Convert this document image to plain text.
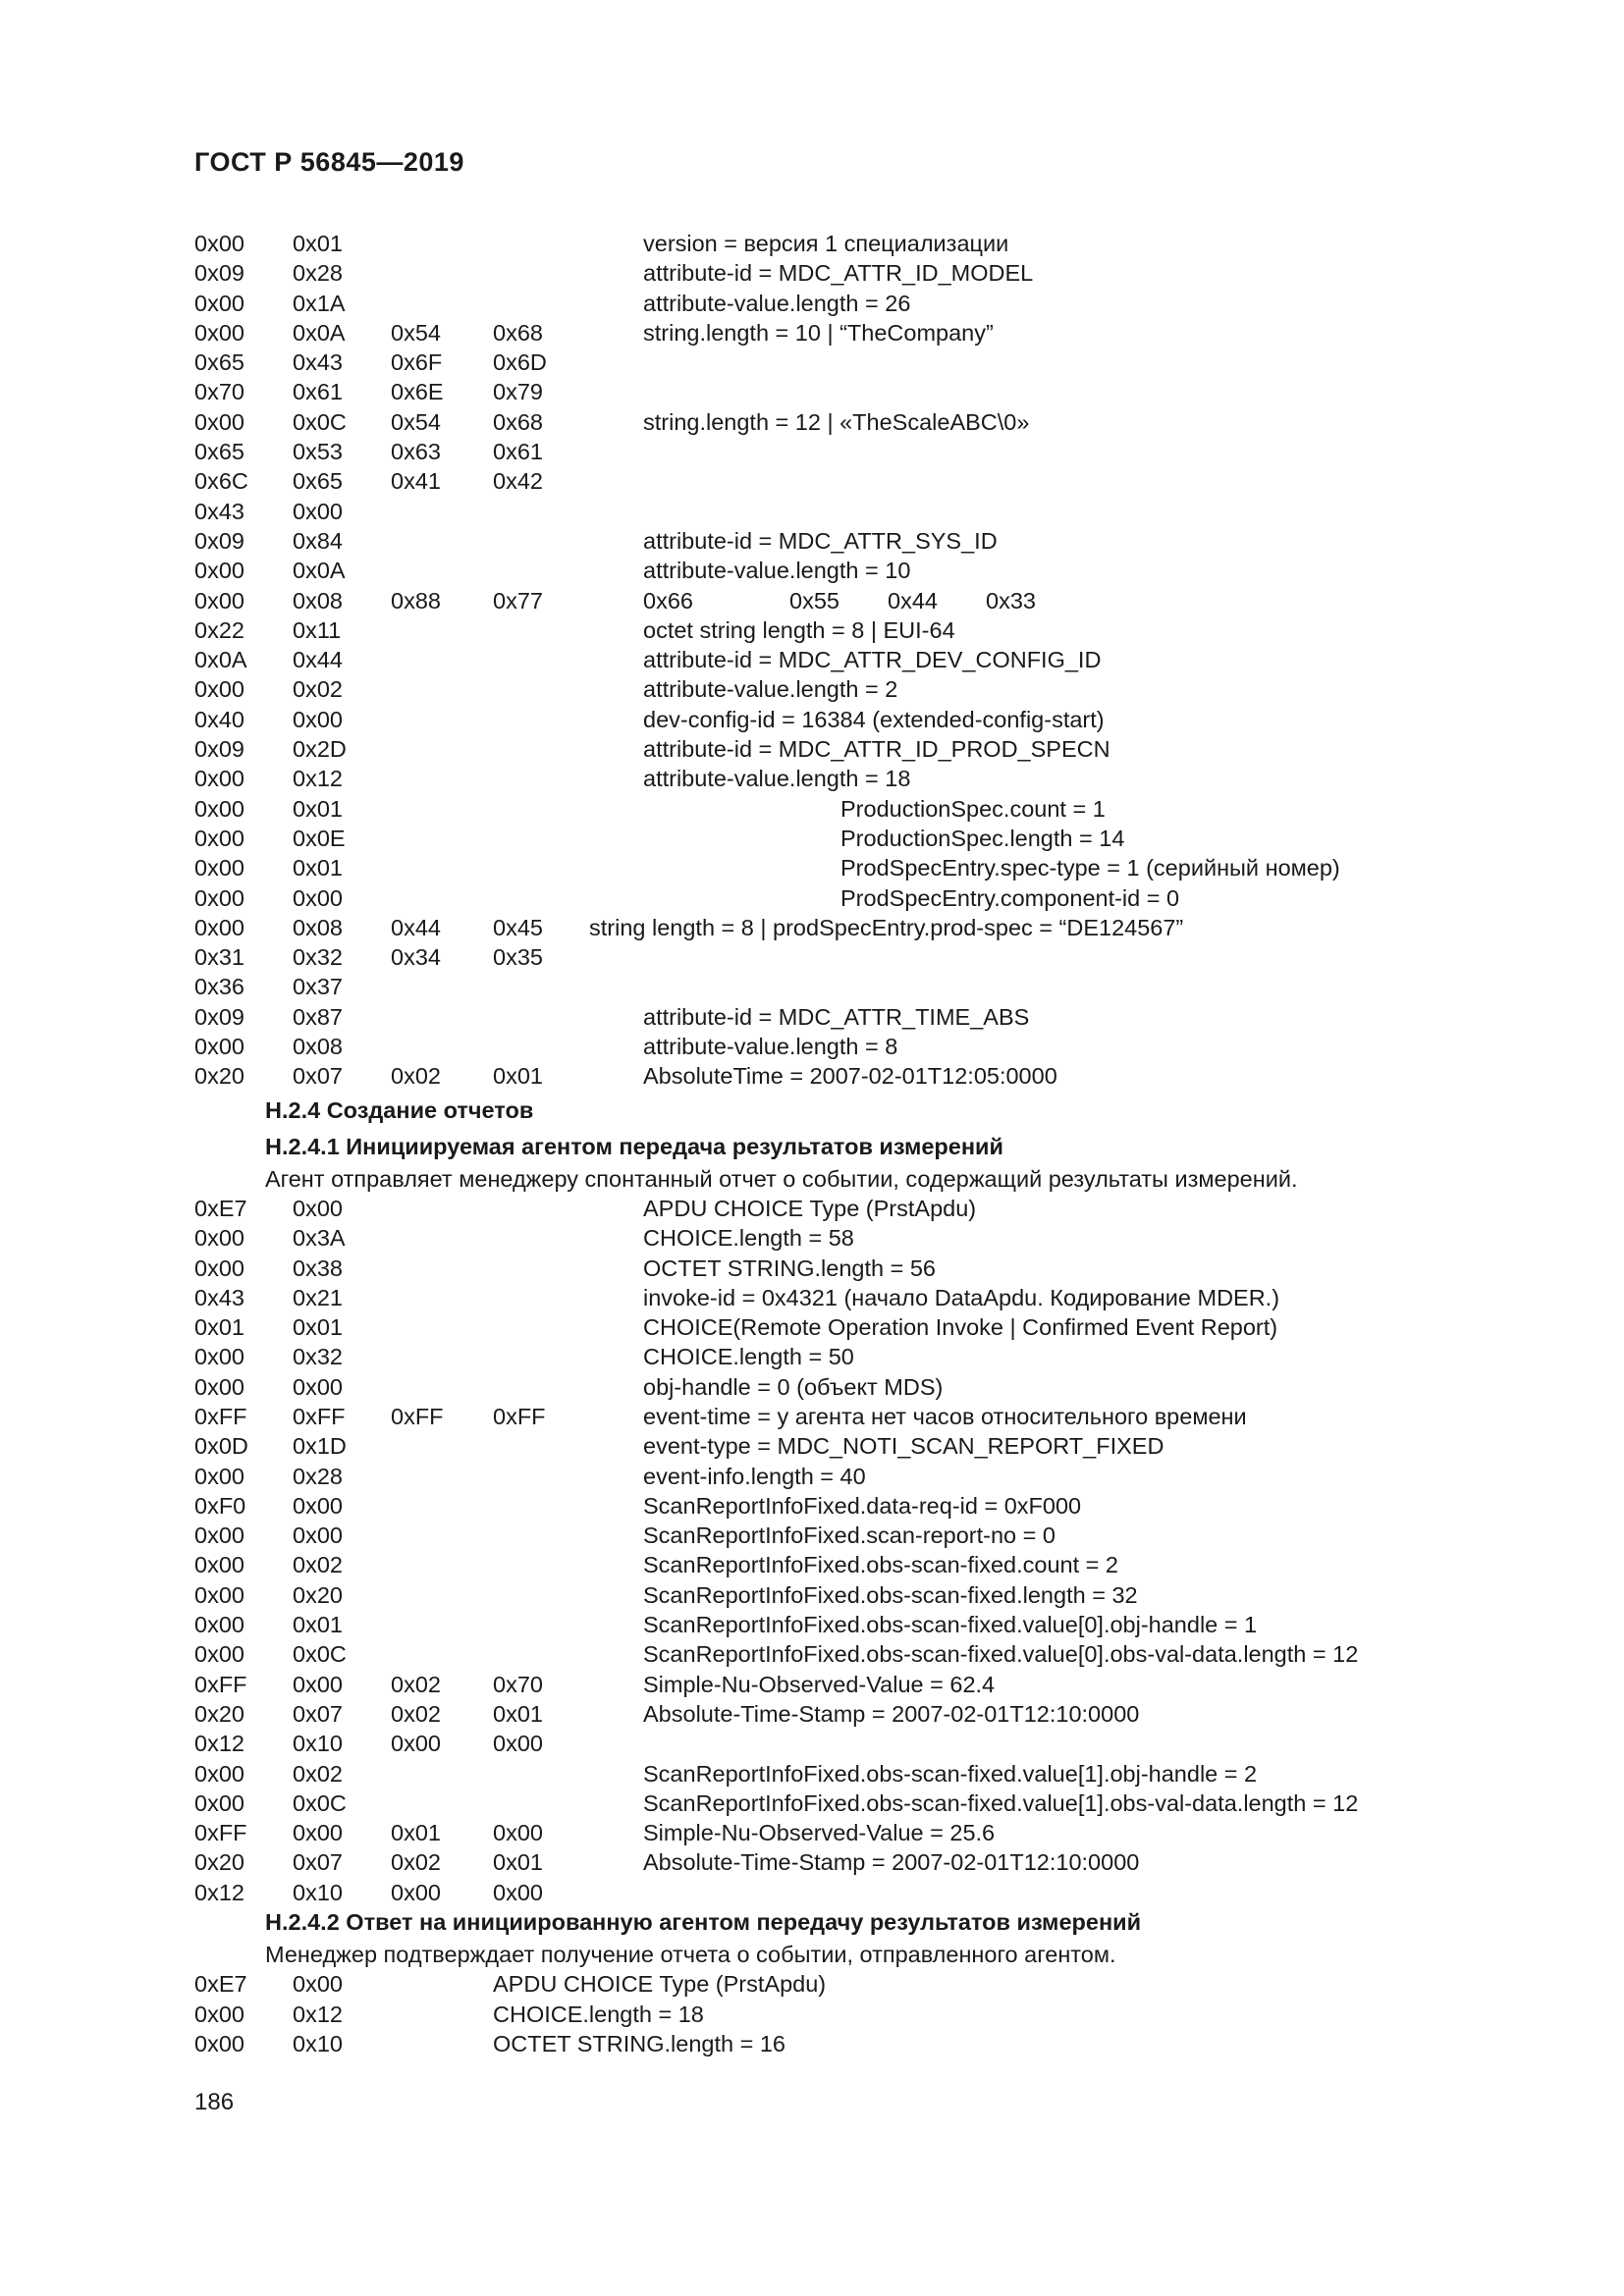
ГОСТ Р 56845—2019
0x00 0x01	version = версия 1 специализации
0x09 0x28	attribute-id = MDC_ATTR_ID_MODEL
0x00 0x1A	attribute-value.length = 26
0x00 0x0A 0x54 0x68	string.length = 10 | “TheCompany”
0x65 0x43 0x6F 0x6D
0x70 0x61 0x6E 0x79
0x00 0x0C 0x54 0x68	string.length = 12 | «TheScaleABC\0»
0x65 0x53 0x63 0x61
0x6C 0x65 0x41 0x42
0x43 0x00
0x09 0x84	attribute-id = MDC_ATTR_SYS_ID
0x00 0x0A	attribute-value.length = 10
0x00 0x08 0x88 0x77	0x66	0x55 0x44 0x33
0x22 0x11	octet string length = 8 | EUI-64
0x0A 0x44	attribute-id = MDC_ATTR_DEV_CONFIG_ID
0x00 0x02	attribute-value.length = 2
0x40 0x00	dev-config-id = 16384 (extended-config-start)
0x09 0x2D	attribute-id = MDC_ATTR_ID_PROD_SPECN
0x00 0x12	attribute-value.length = 18
0x00 0x01	ProductionSpec.count = 1
0x00 0x0E	ProductionSpec.length = 14
0x00 0x01	ProdSpecEntry.spec-type = 1 (серийный номер)
0x00 0x00	ProdSpecEntry.component-id = 0
0x00 0x08 0x44 0x45 string length = 8 | prodSpecEntry.prod-spec = “DE124567”
0x31 0x32 0x34 0x35
0x36 0x37
0x09 0x87	attribute-id = MDC_ATTR_TIME_ABS
0x00 0x08	attribute-value.length = 8
0x20 0x07 0x02 0x01	AbsoluteTime = 2007-02-01T12:05:0000
H.2.4 Создание отчетов
H.2.4.1 Инициируемая агентом передача результатов измерений
Агент отправляет менеджеру спонтанный отчет о событии, содержащий результаты измерений.
0xE7 0x00	APDU CHOICE Type (PrstApdu)
0x00 0x3A	CHOICE.length = 58
0x00 0x38	OCTET STRING.length = 56
0x43 0x21	invoke-id = 0x4321 (начало DataApdu. Кодирование MDER.)
0x01 0x01	CHOICE(Remote Operation Invoke | Confirmed Event Report)
0x00 0x32	CHOICE.length = 50
0x00 0x00	obj-handle = 0 (объект MDS)
0xFF 0xFF 0xFF 0xFF	event-time = у агента нет часов относительного времени
0x0D 0x1D	event-type = MDC_NOTI_SCAN_REPORT_FIXED
0x00 0x28	event-info.length = 40
0xF0 0x00	ScanReportInfoFixed.data-req-id = 0xF000
0x00 0x00	ScanReportInfoFixed.scan-report-no = 0
0x00 0x02	ScanReportInfoFixed.obs-scan-fixed.count = 2
0x00 0x20	ScanReportInfoFixed.obs-scan-fixed.length = 32
0x00 0x01	ScanReportInfoFixed.obs-scan-fixed.value[0].obj-handle = 1
0x00 0x0C	ScanReportInfoFixed.obs-scan-fixed.value[0].obs-val-data.length = 12
0xFF 0x00 0x02 0x70	Simple-Nu-Observed-Value = 62.4
0x20 0x07 0x02 0x01	Absolute-Time-Stamp = 2007-02-01T12:10:0000
0x12 0x10 0x00 0x00
0x00 0x02	ScanReportInfoFixed.obs-scan-fixed.value[1].obj-handle = 2
0x00 0x0C	ScanReportInfoFixed.obs-scan-fixed.value[1].obs-val-data.length = 12
0xFF 0x00 0x01 0x00	Simple-Nu-Observed-Value = 25.6
0x20 0x07 0x02 0x01	Absolute-Time-Stamp = 2007-02-01T12:10:0000
0x12 0x10 0x00 0x00
H.2.4.2 Ответ на инициированную агентом передачу результатов измерений
Менеджер подтверждает получение отчета о событии, отправленного агентом.
0xE7 0x00	APDU CHOICE Type (PrstApdu)
0x00 0x12	CHOICE.length = 18
0x00 0x10	OCTET STRING.length = 16
186
